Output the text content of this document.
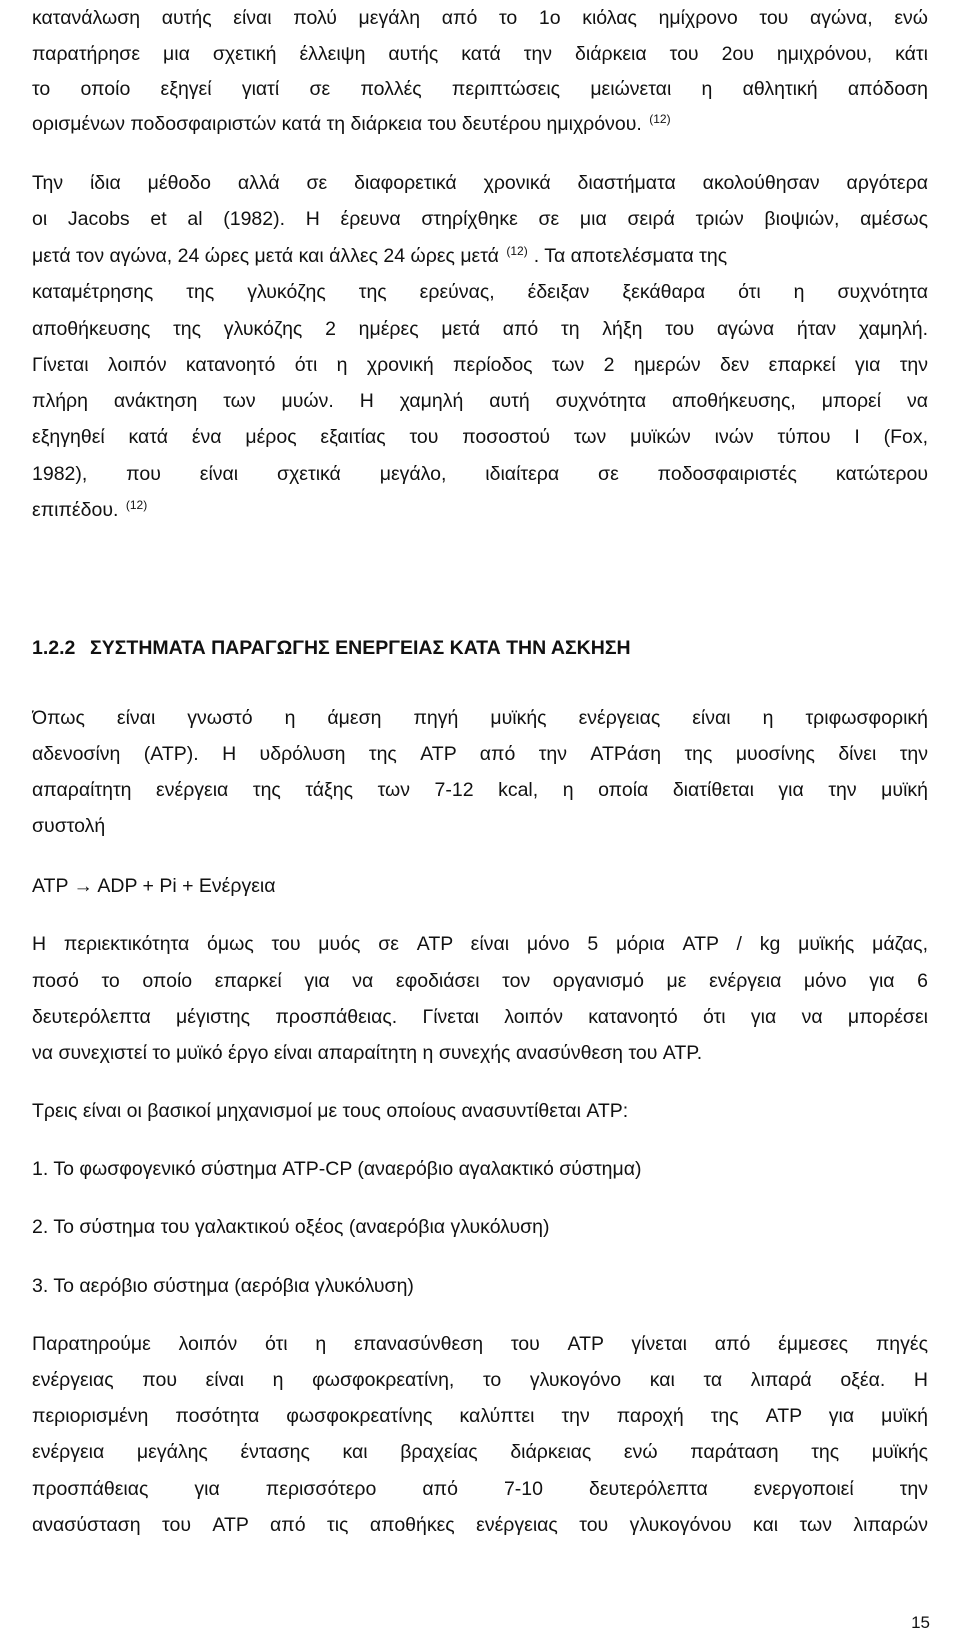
κατανάλωση αυτής είναι πολύ μεγάλη από το 1ο κιόλας ημίχρονο του αγώνα, ενώ
παρατήρησε μια σχετική έλλειψη αυτής κατά την διάρκεια του 2ου ημιχρόνου, κάτι
το οποίο εξηγεί γιατί σε πολλές περιπτώσεις μειώνεται η αθλητική απόδοση
ορισμένων ποδοσφαιριστών κατά τη διάρκεια του δευτέρου ημιχρόνου. $^{(12)}$
Την ίδια μέθοδο αλλά σε διαφορετικά χρονικά διαστήματα ακολούθησαν αργότερα
οι Jacobs et al (1982). Η έρευνα στηρίχθηκε σε μια σειρά τριών βιοψιών, αμέσως
μετά τον αγώνα, 24 ώρες μετά και άλλες 24 ώρες μετά $^{(12)}$ . Τα αποτελέσματα της
καταμέτρησης της γλυκόζης της ερεύνας, έδειξαν ξεκάθαρα ότι η συχνότητα
αποθήκευσης της γλυκόζης 2 ημέρες μετά από τη λήξη του αγώνα ήταν χαμηλή.
Γίνεται λοιπόν κατανοητό ότι η χρονική περίοδος των 2 ημερών δεν επαρκεί για την
πλήρη ανάκτηση των μυών. Η χαμηλή αυτή συχνότητα αποθήκευσης, μπορεί να
εξηγηθεί κατά ένα μέρος εξαιτίας του ποσοστού των μυϊκών ινών τύπου Ι (Fox,
1982), που είναι σχετικά μεγάλο, ιδιαίτερα σε ποδοσφαιριστές κατώτερου
επιπέδου. $^{(12)}$
1.2.2 ΣΥΣΤΗΜΑΤΑ ΠΑΡΑΓΩΓΗΣ ΕΝΕΡΓΕΙΑΣ ΚΑΤΑ ΤΗΝ ΑΣΚΗΣΗ
Όπως είναι γνωστό η άμεση πηγή μυϊκής ενέργειας είναι η τριφωσφορική
αδενοσίνη (ATP). Η υδρόλυση της ATP από την ATPάση της μυοσίνης δίνει την
απαραίτητη ενέργεια της τάξης των 7-12 kcal, η οποία διατίθεται για την μυϊκή
συστολή
ATP → ADP + Pi + Ενέργεια
Η περιεκτικότητα όμως του μυός σε ATP είναι μόνο 5 μόρια ATP / kg μυϊκής μάζας,
ποσό το οποίο επαρκεί για να εφοδιάσει τον οργανισμό με ενέργεια μόνο για 6
δευτερόλεπτα μέγιστης προσπάθειας. Γίνεται λοιπόν κατανοητό ότι για να μπορέσει
να συνεχιστεί το μυϊκό έργο είναι απαραίτητη η συνεχής ανασύνθεση του ATP.
Τρεις είναι οι βασικοί μηχανισμοί με τους οποίους ανασυντίθεται ATP:
1. Το φωσφογενικό σύστημα ATP-CP (αναερόβιο αγαλακτικό σύστημα)
2. Το σύστημα του γαλακτικού οξέος (αναερόβια γλυκόλυση)
3. Το αερόβιο σύστημα (αερόβια γλυκόλυση)
Παρατηρούμε λοιπόν ότι η επανασύνθεση του ATP γίνεται από έμμεσες πηγές
ενέργειας που είναι η φωσφοκρεατίνη, το γλυκογόνο και τα λιπαρά οξέα. Η
περιορισμένη ποσότητα φωσφοκρεατίνης καλύπτει την παροχή της ATP για μυϊκή
ενέργεια μεγάλης έντασης και βραχείας διάρκειας ενώ παράταση της μυϊκής
προσπάθειας για περισσότερο από 7-10 δευτερόλεπτα ενεργοποιεί την
ανασύσταση του ATP από τις αποθήκες ενέργειας του γλυκογόνου και των λιπαρών
15
